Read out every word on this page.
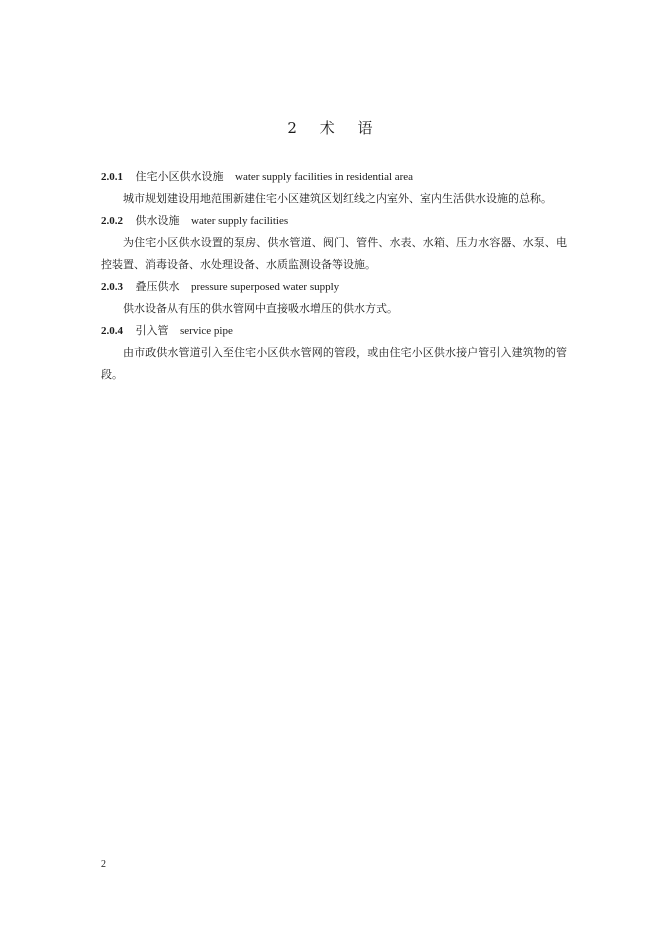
2 术 语

2.0.1 住宅小区供水设施 water supply facilities in residential area

城市规划建设用地范围新建住宅小区建筑区划红线之内室外、室内生活供水设施的总称。

2.0.2 供水设施 water supply facilities

为住宅小区供水设置的泵房、供水管道、阀门、管件、水表、水箱、压力水容器、水泵、电控装置、消毒设备、水处理设备、水质监测设备等设施。

2.0.3 叠压供水 pressure superposed water supply

供水设备从有压的供水管网中直接吸水增压的供水方式。

2.0.4 引入管 service pipe

由市政供水管道引入至住宅小区供水管网的管段，或由住宅小区供水接户管引入建筑物的管段。

2
